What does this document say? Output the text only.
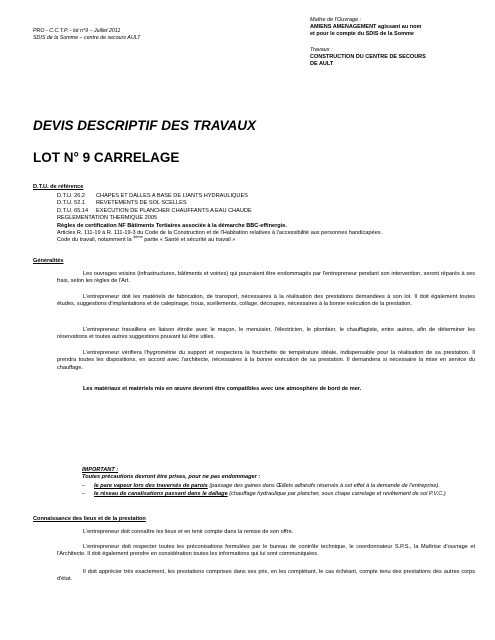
PRO - C.C.T.P. - lot n°9 – Juillet 2011
SDIS de la Somme – centre de secours AULT
Maître de l'Ouvrage :
AMIENS AMENAGEMENT agissant au nom
et pour le compte du SDIS de la Somme
Travaux :
CONSTRUCTION DU CENTRE DE SECOURS
DE AULT
DEVIS DESCRIPTIF DES TRAVAUX
LOT N° 9 CARRELAGE
D.T.U. de référence
D.T.U. 26.2	CHAPES ET DALLES A BASE DE LIANTS HYDRAULIQUES
D.T.U. 52.1	REVETEMENTS DE SOL SCELLES
D.T.U. 65.14	EXECUTION DE PLANCHER CHAUFFANTS A EAU CHAUDE
REGLEMENTATION THERMIQUE 2005
Règles de certification NF Bâtiments Tertiaires associée à la démarche BBC-effinergie.
Articles R. 111-19 à R. 111-19-3 du Code de la Construction et de l'Habitation relatives à l'accessibilité aux personnes handicapées.
Code du travail, notamment la $^{4ème}$ partie « Santé et sécurité au travail »
Généralités
Les ouvrages voisins (infrastructures, bâtiments et voiries) qui pourraient être endommagés par l'entrepreneur pendant son intervention, seront réparés à ses frais, selon les règles de l'Art.
L'entrepreneur doit les matériels de fabrication, de transport, nécessaires à la réalisation des prestations demandées à son lot. Il doit également toutes études, suggestions d'implantations et de calepinage, trous, scellements, collage, découpes, nécessaires à la bonne exécution de la prestation.
L'entrepreneur travaillera en liaison étroite avec le maçon, le menuisier, l'électricien, le plombier, le chauffagiste, entre autres, afin de déterminer les réservations et toutes autres suggestions pouvant lui être utiles.
L'entrepreneur vérifiera l'hygrométrie du support et respectera la fourchette de température idéale, indispensable pour la réalisation de sa prestation. Il prendra toutes les dispositions, en accord avec l'architecte, nécessaires à la bonne exécution de sa prestation. Il demandera si nécessaire la mise en service du chauffage.
Les matériaux et matériels mis en œuvre devront être compatibles avec une atmosphère de bord de mer.
IMPORTANT :
Toutes précautions devront être prises, pour ne pas endommager :
–	le pare vapeur lors des traversés de parois (passage des gaines dans Œillets adhésifs réservés à cet effet à la demande de l'entreprise).
–	le réseau de canalisations passant dans le dallage (chauffage hydraulique par plancher, sous chape carrelage et revêtement de sol P.V.C.)
Connaissance des lieux et de la prestation
L'entrepreneur doit connaître les lieux et en tenir compte dans la remise de son offre.
L'entrepreneur doit respecter toutes les préconisations formulées par le bureau de contrôle technique, le coordonnateur S.P.S., la Maîtrise d'ouvrage et l'Architecte. Il doit également prendre en considération toutes les informations qui lui sont communiquées.
Il doit apprécier très exactement, les prestations comprises dans ses prix, en les complétant, le cas échéant, compte tenu des prestations des autres corps d'état.
